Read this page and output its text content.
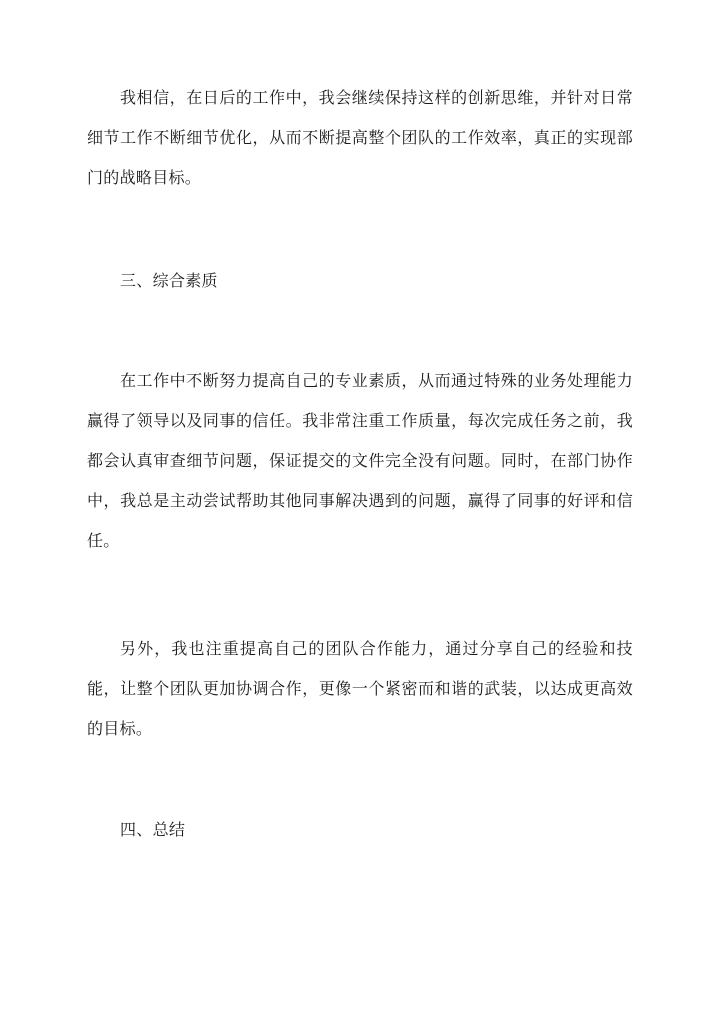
我相信，在日后的工作中，我会继续保持这样的创新思维，并针对日常细节工作不断细节优化，从而不断提高整个团队的工作效率，真正的实现部门的战略目标。

三、综合素质

在工作中不断努力提高自己的专业素质，从而通过特殊的业务处理能力赢得了领导以及同事的信任。我非常注重工作质量，每次完成任务之前，我都会认真审查细节问题，保证提交的文件完全没有问题。同时，在部门协作中，我总是主动尝试帮助其他同事解决遇到的问题，赢得了同事的好评和信任。

另外，我也注重提高自己的团队合作能力，通过分享自己的经验和技能，让整个团队更加协调合作，更像一个紧密而和谐的武装，以达成更高效的目标。

四、总结
